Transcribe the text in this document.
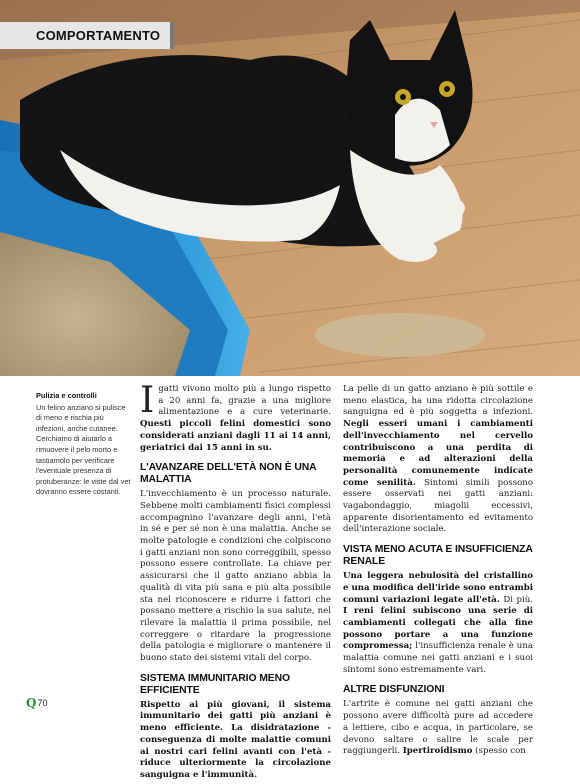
COMPORTAMENTO
Pulizia e controlli
Un felino anziano si pulisce di meno e rischia più infezioni, anche cutanee. Cerchiamo di aiutarlo a rimuovere il pelo morto e tastiamolo per verificare l'eventuale presenza di protuberanze: le viste dal vet dovranno essere costanti.

Igatti vivono molto più a lungo rispetto a 20 anni fa, grazie a una migliore alimentazione e a cure veterinarie. Questi piccoli felini domestici sono considerati anziani dagli 11 ai 14 anni, geriatrici dai 15 anni in su.

L'AVANZARE DELL'ETÀ NON È UNA MALATTIA

L'invecchiamento è un processo naturale. Sebbene molti cambiamenti fisici complessi accompagnino l'avanzare degli anni, l'età in sé e per sé non è una malattia. Anche se molte patologie e condizioni che colpiscono i gatti anziani non sono correggibili, spesso possono essere controllate. La chiave per assicurarsi che il gatto anziano abbia la qualità di vita più sana e più alta possibile sta nel riconoscere e ridurre i fattori che possano mettere a rischio la sua salute, nel rilevare la malattia il prima possibile, nel correggere o ritardare la progressione della patologia e migliorare o mantenere il buono stato dei sistemi vitali del corpo.

SISTEMA IMMUNITARIO MENO EFFICIENTE

Rispetto ai più giovani, il sistema immunitario dei gatti più anziani è meno efficiente. La disidratazione - conseguenza di molte malattie comuni ai nostri cari felini avanti con l'età - riduce ulteriormente la circolazione sanguigna e l'immunità.

La pelle di un gatto anziano è più sottile e meno elastica, ha una ridotta circolazione sanguigna ed è più soggetta a infezioni. Negli esseri umani i cambiamenti dell'invecchiamento nel cervello contribuiscono a una perdita di memoria e ad alterazioni della personalità comunemente indicate come senilità. Sintomi simili possono essere osservati nei gatti anziani: vagabondaggio, miagolii eccessivi, apparente disorientamento ed evitamento dell'interazione sociale.

VISTA MENO ACUTA E INSUFFICIENZA RENALE

Una leggera nebulosità del cristallino e una modifica dell'iride sono entrambi comuni variazioni legate all'età. Di più. I reni felini subiscono una serie di cambiamenti collegati che alla fine possono portare a una funzione compromessa; l'insufficienza renale è una malattia comune nei gatti anziani e i suoi sintomi sono estremamente vari.

ALTRE DISFUNZIONI

L'artrite è comune nei gatti anziani che possono avere difficoltà pure ad accedere a lettiere, cibo e acqua, in particolare, se devono saltare o salire le scale per raggiungerli. Ipertiroidismo (spesso con

Q 70
